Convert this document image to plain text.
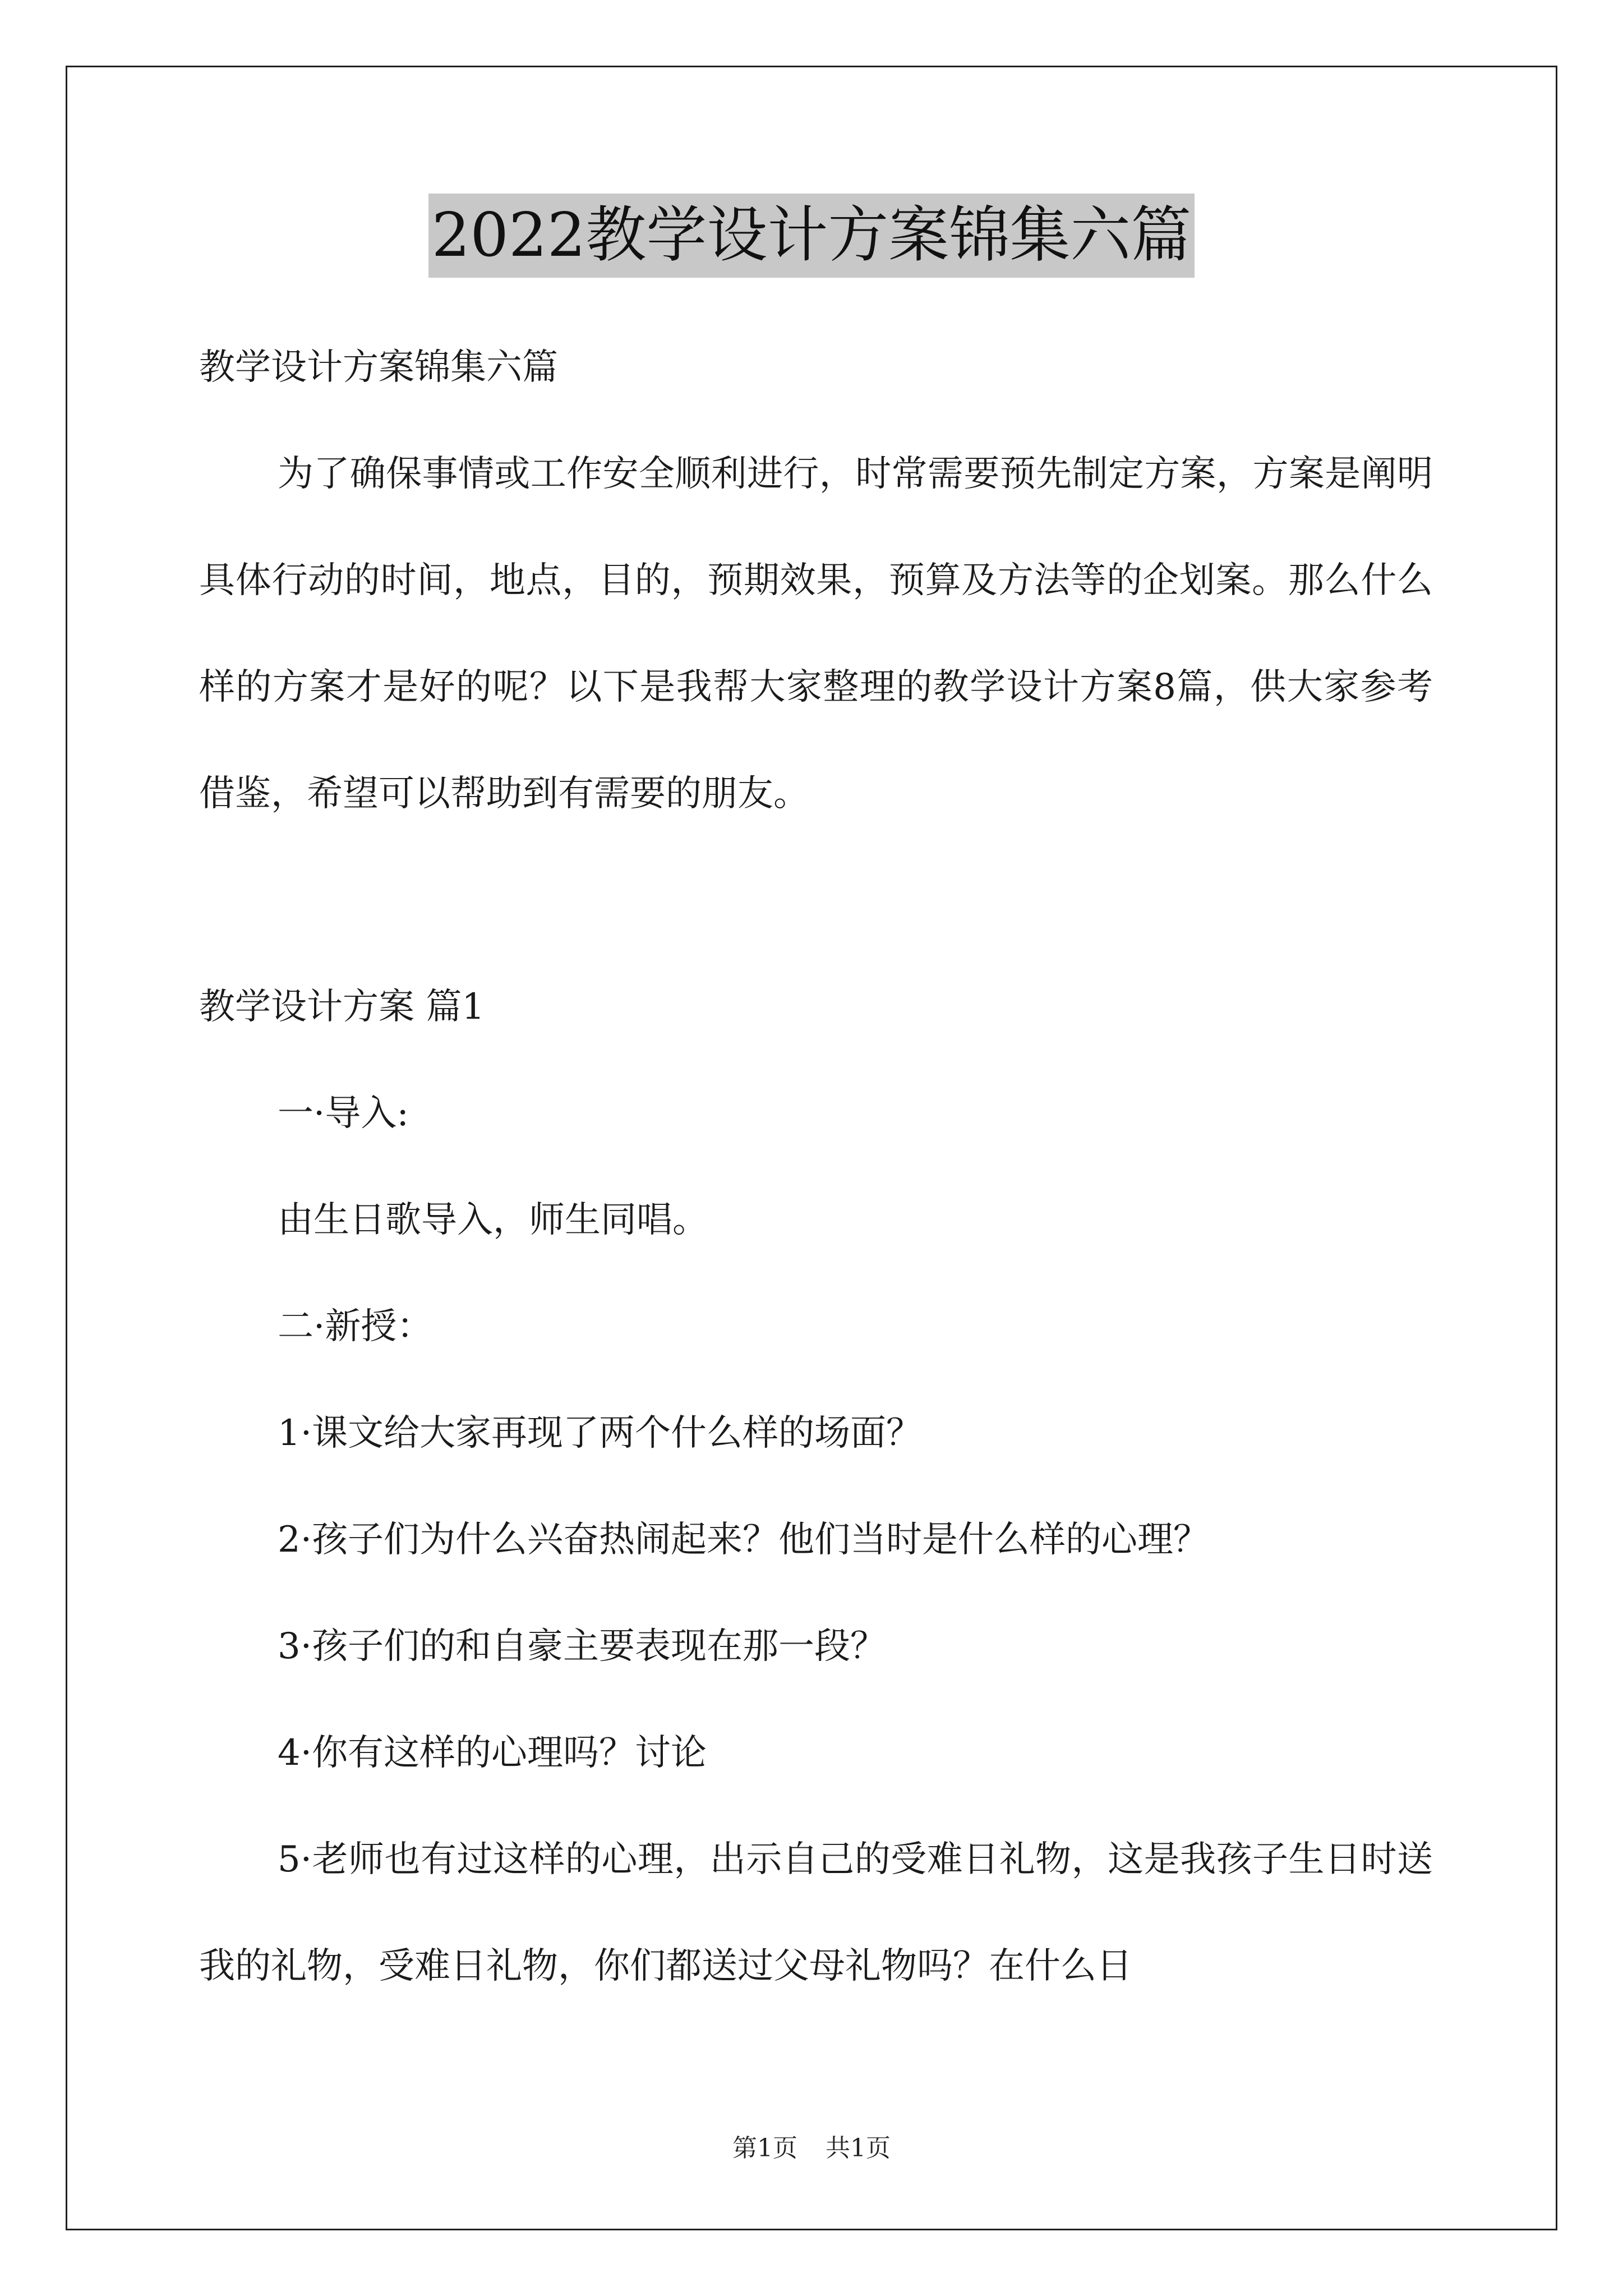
2022教学设计方案锦集六篇

教学设计方案锦集六篇

为了确保事情或工作安全顺利进行，时常需要预先制定方案，方案是阐明具体行动的时间，地点，目的，预期效果，预算及方法等的企划案。那么什么样的方案才是好的呢？以下是我帮大家整理的教学设计方案8篇，供大家参考借鉴，希望可以帮助到有需要的朋友。

教学设计方案 篇1

一·导入:

由生日歌导入，师生同唱。

二·新授：

1·课文给大家再现了两个什么样的场面？

2·孩子们为什么兴奋热闹起来？他们当时是什么样的心理？

3·孩子们的和自豪主要表现在那一段？

4·你有这样的心理吗？讨论

5·老师也有过这样的心理，出示自己的受难日礼物，这是我孩子生日时送我的礼物，受难日礼物，你们都送过父母礼物吗？在什么日

第1页 共1页
